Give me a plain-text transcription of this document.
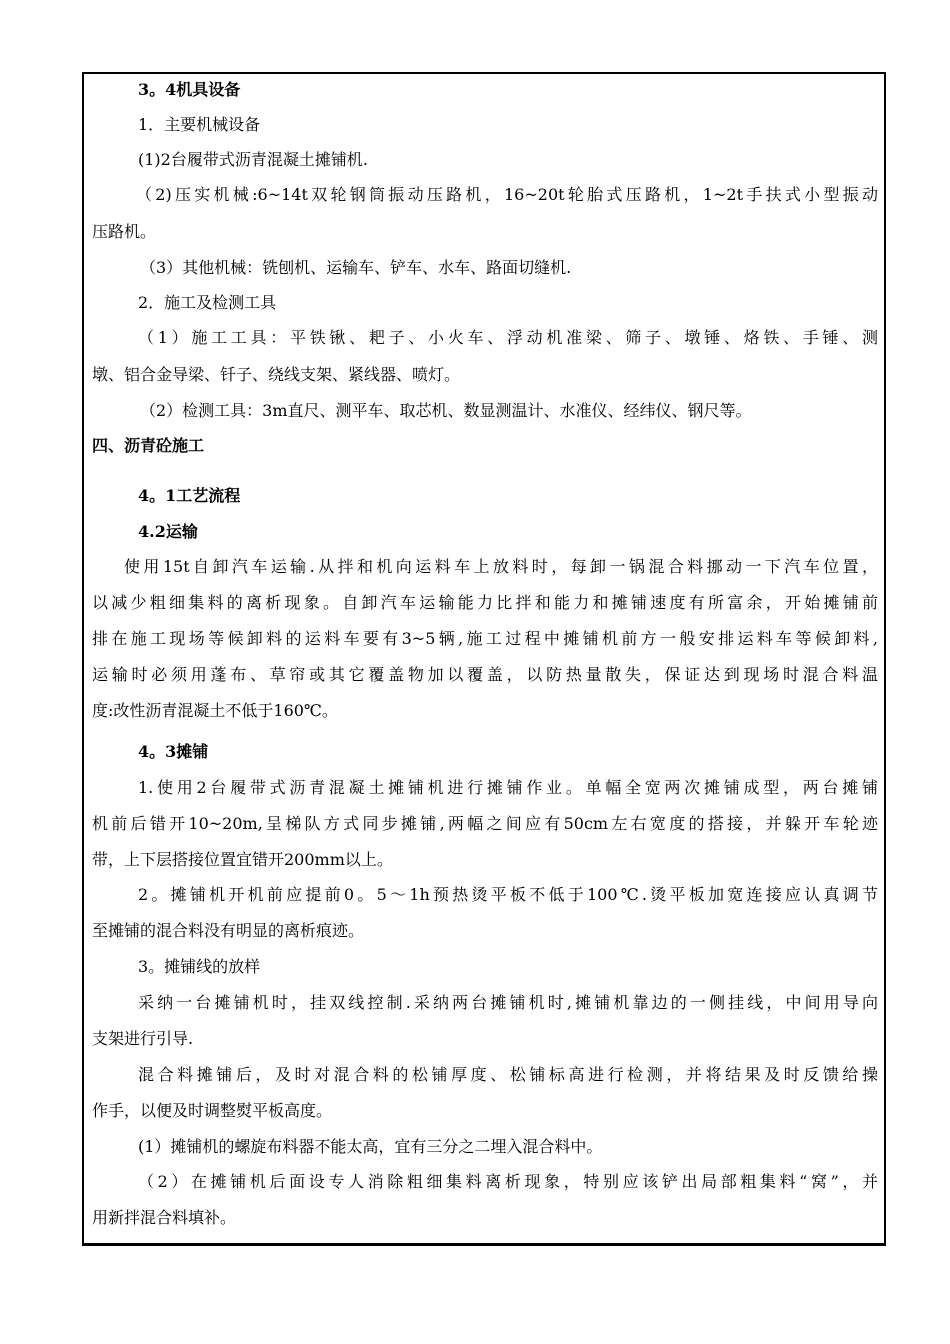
3。4机具设备
1．主要机械设备
(1)2台履带式沥青混凝土摊铺机.
（2)压实机械:6~14t双轮钢筒振动压路机，16~20t轮胎式压路机，1~2t手扶式小型振动
压路机。
（3）其他机械：铣刨机、运输车、铲车、水车、路面切缝机.
2．施工及检测工具
（1）施工工具：平铁锹、耙子、小火车、浮动机准梁、筛子、墩锤、烙铁、手锤、测
墩、铝合金导梁、钎子、绕线支架、紧线器、喷灯。
（2）检测工具：3m直尺、测平车、取芯机、数显测温计、水准仪、经纬仪、钢尺等。
四、沥青砼施工
4。1工艺流程
4.2运输
使用15t自卸汽车运输.从拌和机向运料车上放料时，每卸一锅混合料挪动一下汽车位置，
以减少粗细集料的离析现象。自卸汽车运输能力比拌和能力和摊铺速度有所富余，开始摊铺前
排在施工现场等候卸料的运料车要有3~5辆,施工过程中摊铺机前方一般安排运料车等候卸料,
运输时必须用蓬布、草帘或其它覆盖物加以覆盖，以防热量散失，保证达到现场时混合料温
度:改性沥青混凝土不低于160℃。
4。3摊铺
1.使用2台履带式沥青混凝土摊铺机进行摊铺作业。单幅全宽两次摊铺成型，两台摊铺
机前后错开10~20m,呈梯队方式同步摊铺,两幅之间应有50cm左右宽度的搭接，并躲开车轮迹
带，上下层搭接位置宜错开200mm以上。
2。摊铺机开机前应提前0。5～1h预热烫平板不低于100℃.烫平板加宽连接应认真调节
至摊铺的混合料没有明显的离析痕迹。
3。摊铺线的放样
采纳一台摊铺机时，挂双线控制.采纳两台摊铺机时,摊铺机靠边的一侧挂线，中间用导向
支架进行引导.
混合料摊铺后，及时对混合料的松铺厚度、松铺标高进行检测，并将结果及时反馈给操
作手，以便及时调整熨平板高度。
(1）摊铺机的螺旋布料器不能太高，宜有三分之二埋入混合料中。
（2）在摊铺机后面设专人消除粗细集料离析现象，特别应该铲出局部粗集料“窝”，并
用新拌混合料填补。
